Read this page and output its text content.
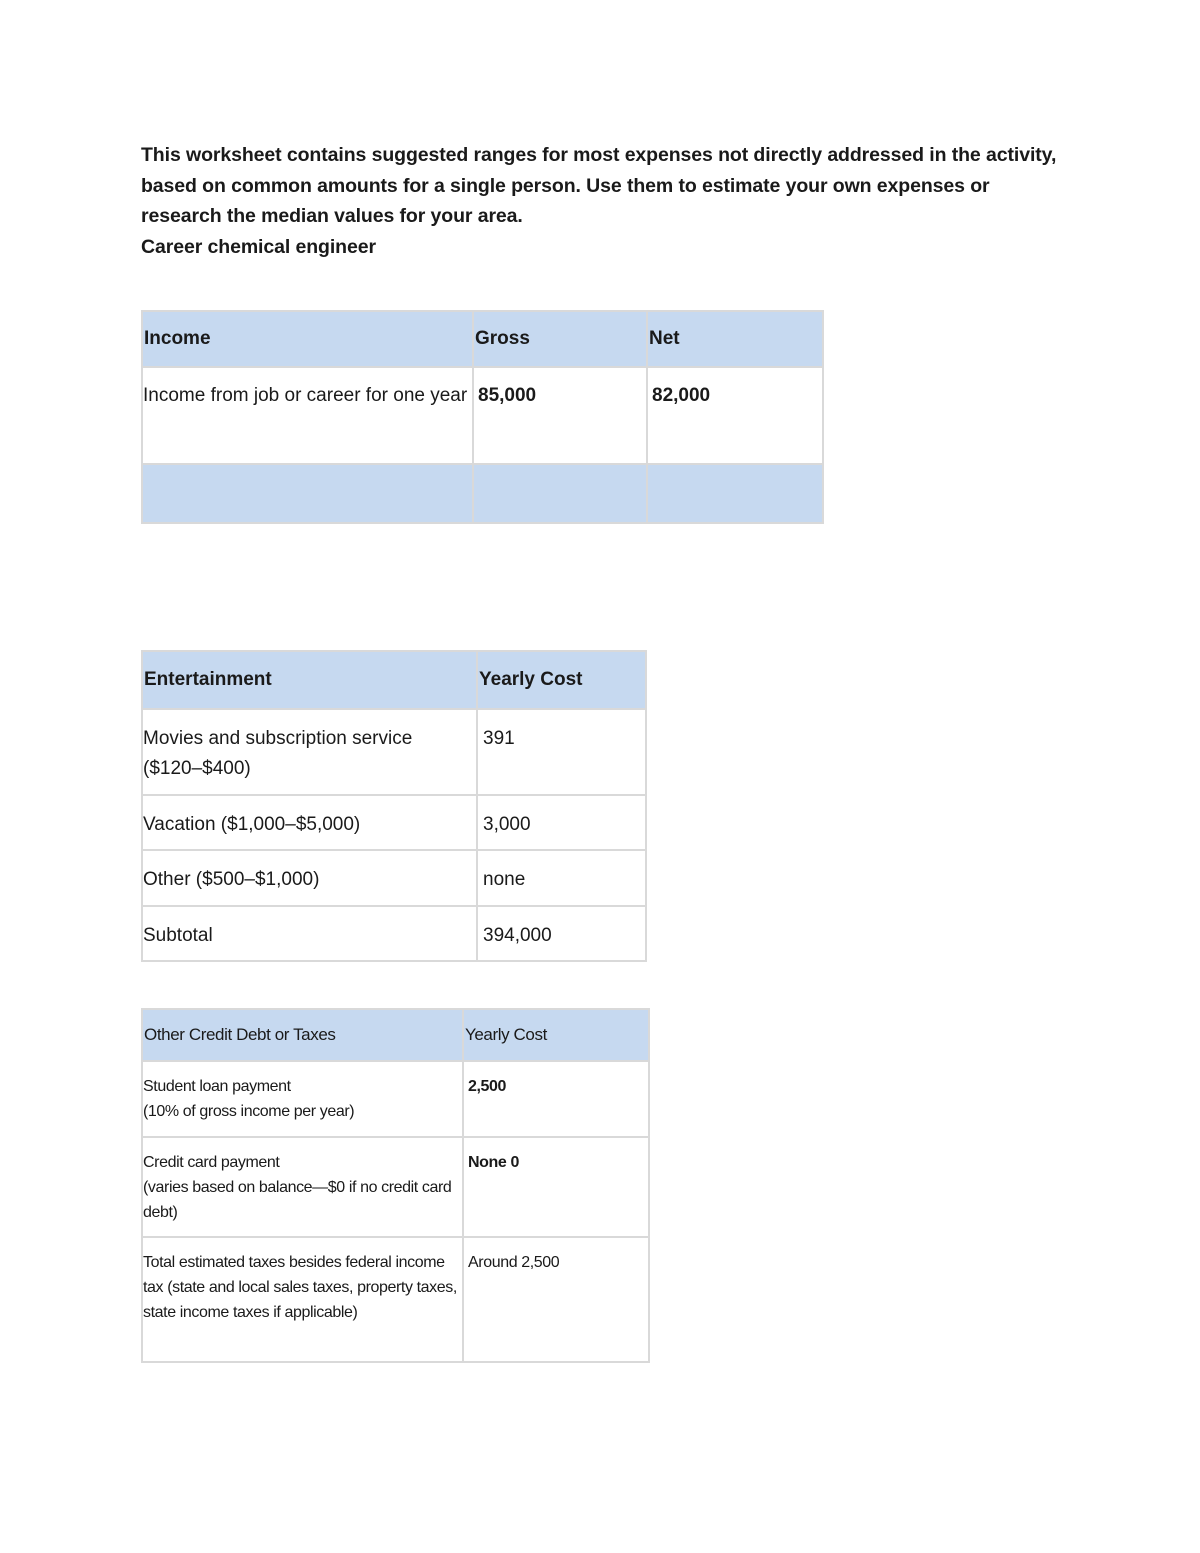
This worksheet contains suggested ranges for most expenses not directly addressed in the activity, based on common amounts for a single person. Use them to estimate your own expenses or research the median values for your area.

Career chemical engineer

Income	Gross	Net
Income from job or career for one year	85,000	82,000

Entertainment	Yearly Cost
Movies and subscription service ($120–$400)	391
Vacation ($1,000–$5,000)	3,000
Other ($500–$1,000)	none
Subtotal	394,000
Other Credit Debt or Taxes	Yearly Cost

Student loan payment
(10% of gross income per year)	2,500

Credit card payment
(varies based on balance—$0 if no credit card debt)	None 0

Total estimated taxes besides federal income tax (state and local sales taxes, property taxes, state income taxes if applicable)	Around 2,500
